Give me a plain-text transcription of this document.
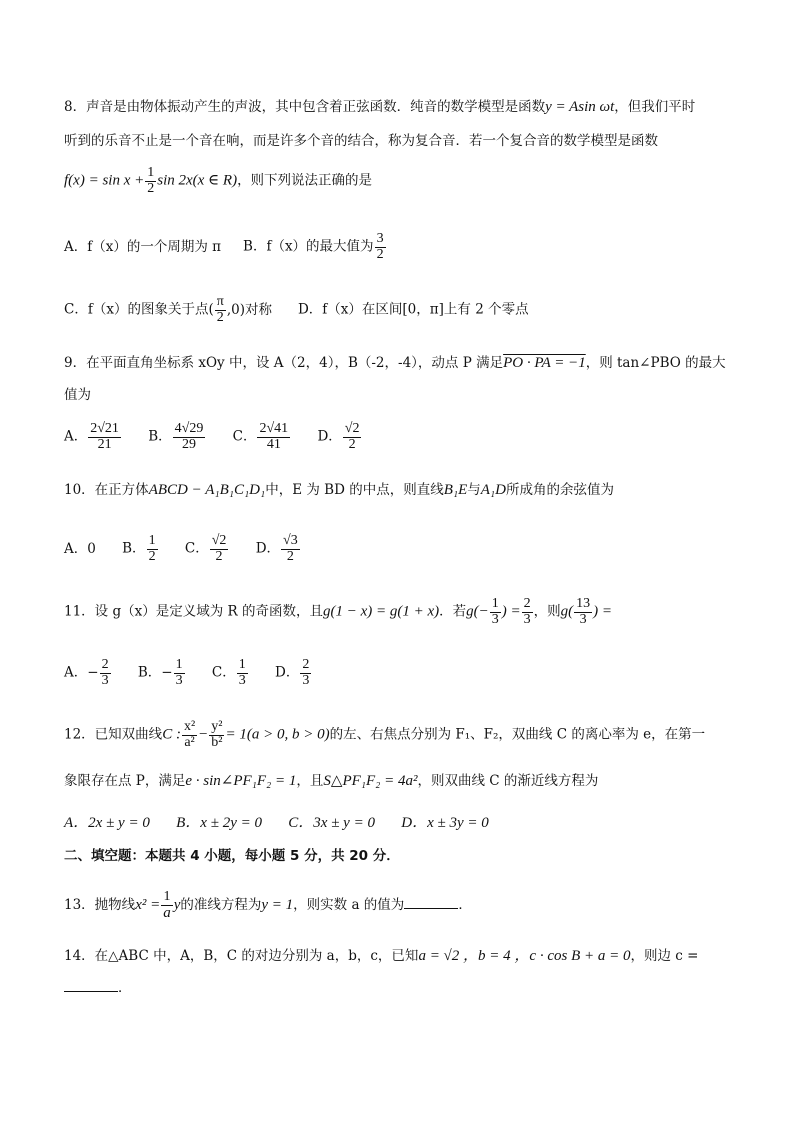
8．声音是由物体振动产生的声波，其中包含着正弦函数．纯音的数学模型是函数y = Asin ωt，但我们平时
听到的乐音不止是一个音在响，而是许多个音的结合，称为复合音．若一个复合音的数学模型是函数
$f(x) = \sin x + \frac{1}{2}$ sin 2x(x ∈ R)，则下列说法正确的是
A．f（x）的一个周期为 π B．f（x）的最大值为 $\frac{3}{2}$
C．f（x）的图象关于点( $\frac{\pi}{2} ,0$)对称 D．f（x）在区间[0，π]上有 2 个零点
9．在平面直角坐标系 xOy 中，设 A（2，4），B（-2，-4），动点 P 满足PO · PA = −1，则 tan∠PBO 的最大
值为
A． $\frac{2√21}{21}$ B． $\frac{4√29}{29}$ C． $\frac{2√41}{41}$ D． $\frac{√2}{2}$
10．在正方体ABCD − A₁B₁C₁D₁中，E 为 BD 的中点，则直线B₁E与A₁D所成角的余弦值为
A．0 B． $\frac{1}{2}$ C． $\frac{√2}{2}$ D． $\frac{√3}{2}$
11．设 g（x）是定义域为 R 的奇函数，且g(1 − x) = g(1 + x)．若$g(- \frac{1}{3}$ ) = $\frac{2}{3}$ ，则$g( \frac{13}{3}$ ) =
A．− $\frac{2}{3}$ B．− $\frac{1}{3}$ C． $\frac{1}{3}$ D． $\frac{2}{3}$
12．已知双曲线C : $\frac{\text{x²}}{\text{a²}} - \frac{\text{y²}}{\text{b²}} = 1(a > 0$, b > 0)的左、右焦点分别为 F₁、F₂，双曲线 C 的离心率为 e，在第一
象限存在点 P，满足e · sin∠PF₁F₂ = 1，且S△PF₁F₂ = 4a²，则双曲线 C 的渐近线方程为
A．2x ± y = 0 B．x ± 2y = 0 C．3x ± y = 0 D．x ± 3y = 0
二、填空题：本题共 4 小题，每小题 5 分，共 20 分．
13．抛物线$x^2 = \frac{1}{a}$ y的准线方程为y = 1，则实数 a 的值为	．
14．在△ABC 中，A，B，C 的对边分别为 a，b，c，已知a = √2 ，b = 4 ，c · cos B + a = 0，则边 c =
．
